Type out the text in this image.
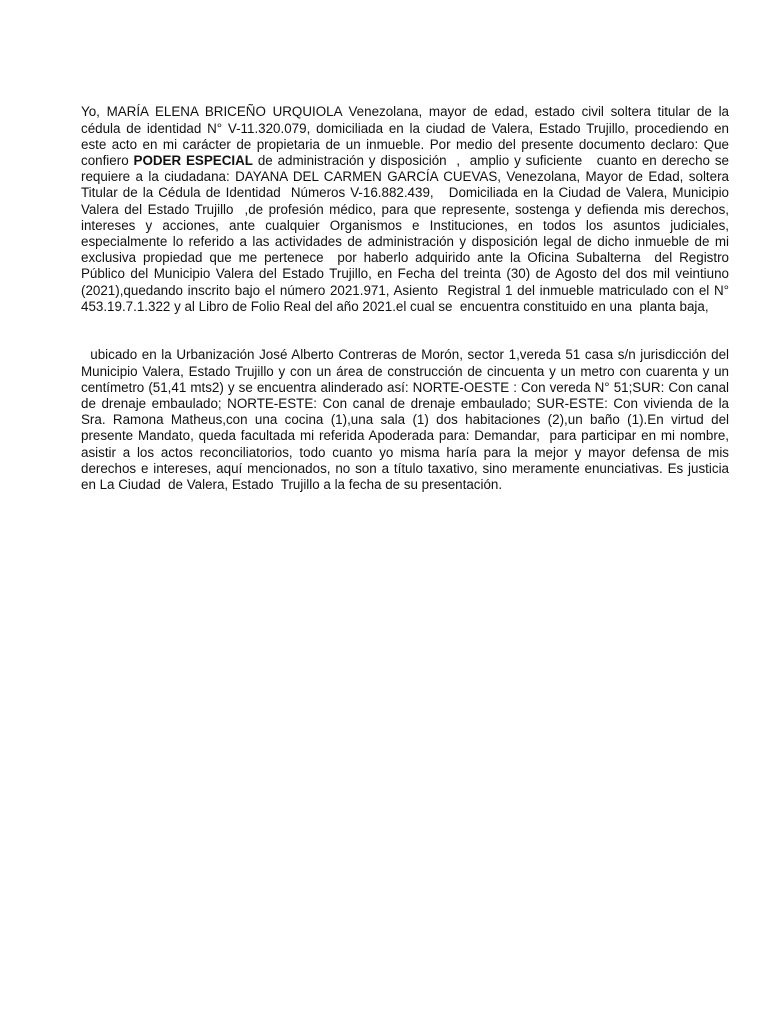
Yo, MARÍA ELENA BRICEÑO URQUIOLA Venezolana, mayor de edad, estado civil soltera titular de la cédula de identidad N° V-11.320.079, domiciliada en la ciudad de Valera, Estado Trujillo, procediendo en este acto en mi carácter de propietaria de un inmueble. Por medio del presente documento declaro: Que confiero PODER ESPECIAL de administración y disposición  ,  amplio y suficiente   cuanto en derecho se requiere a la ciudadana: DAYANA DEL CARMEN GARCÍA CUEVAS, Venezolana, Mayor de Edad, soltera Titular de la Cédula de Identidad  Números V-16.882.439,   Domiciliada en la Ciudad de Valera, Municipio Valera del Estado Trujillo  ,de profesión médico, para que represente, sostenga y defienda mis derechos, intereses y acciones, ante cualquier Organismos e Instituciones, en todos los asuntos judiciales, especialmente lo referido a las actividades de administración y disposición legal de dicho inmueble de mi exclusiva propiedad que me pertenece  por haberlo adquirido ante la Oficina Subalterna  del Registro Público del Municipio Valera del Estado Trujillo, en Fecha del treinta (30) de Agosto del dos mil veintiuno (2021),quedando inscrito bajo el número 2021.971, Asiento  Registral 1 del inmueble matriculado con el N° 453.19.7.1.322 y al Libro de Folio Real del año 2021.el cual se  encuentra constituido en una  planta baja,

ubicado en la Urbanización José Alberto Contreras de Morón, sector 1,vereda 51 casa s/n jurisdicción del Municipio Valera, Estado Trujillo y con un área de construcción de cincuenta y un metro con cuarenta y un centímetro (51,41 mts2) y se encuentra alinderado así: NORTE-OESTE : Con vereda N° 51;SUR: Con canal de drenaje embaulado; NORTE-ESTE: Con canal de drenaje embaulado; SUR-ESTE: Con vivienda de la Sra. Ramona Matheus,con una cocina (1),una sala (1) dos habitaciones (2),un baño (1).En virtud del presente Mandato, queda facultada mi referida Apoderada para: Demandar,  para participar en mi nombre, asistir a los actos reconciliatorios, todo cuanto yo misma haría para la mejor y mayor defensa de mis derechos e intereses, aquí mencionados, no son a título taxativo, sino meramente enunciativas. Es justicia en La Ciudad  de Valera, Estado  Trujillo a la fecha de su presentación.
